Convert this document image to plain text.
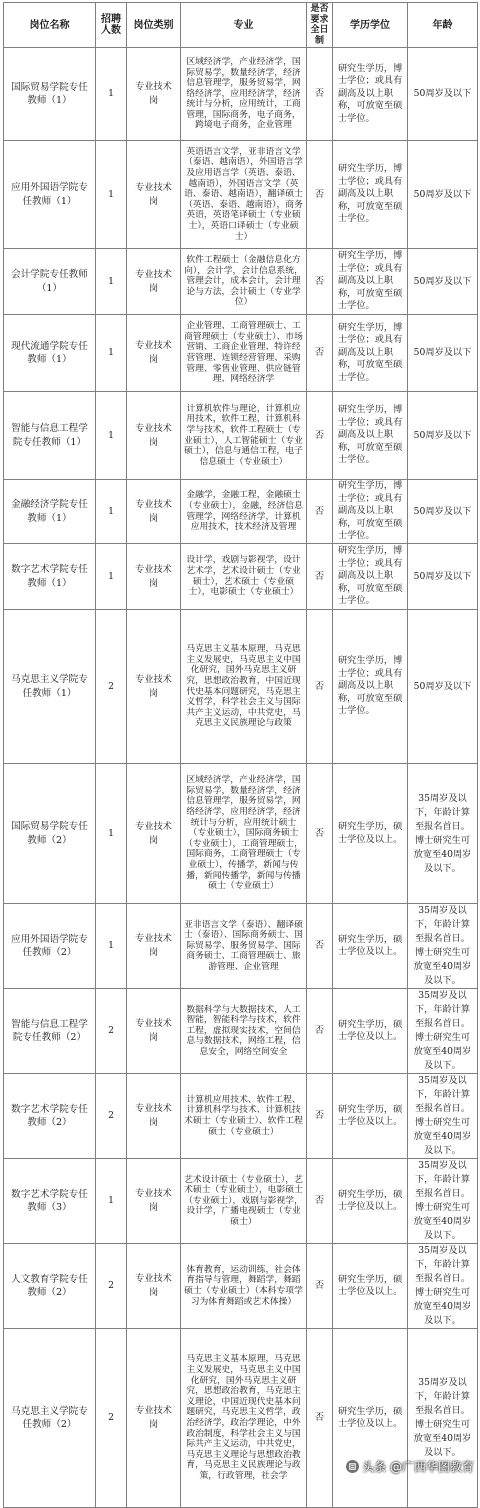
岗位名称	招聘人数	岗位类别	专业	是否要求全日制	学历学位	年龄
国际贸易学院专任教师（1）	1	专业技术岗	区域经济学，产业经济学，国际贸易学，数量经济学，经济信息管理学，服务贸易学，网络经济学，应用经济学，经济统计与分析，应用统计，工商管理，国际商务，电子商务，跨境电子商务，企业管理	否	研究生学历，博士学位；或具有副高及以上职称，可放宽至硕士学位。	50周岁及以下
应用外国语学院专任教师（1）	1	专业技术岗	英语语言文学，亚非语言文学（泰语、越南语），外国语言学及应用语言学（英语、泰语、越南语），外国语言文学（英语、泰语、越南语），翻译硕士（英语、泰语、越南语），商务英语，英语笔译硕士（专业硕士），英语口译硕士（专业硕士）	否	研究生学历，博士学位；或具有副高及以上职称，可放宽至硕士学位。	50周岁及以下
会计学院专任教师（1）	1	专业技术岗	软件工程硕士（金融信息化方向），会计学，会计信息系统，管理会计，成本会计，会计理论与方法，会计硕士（专业学位）	否	研究生学历，博士学位；或具有副高及以上职称，可放宽至硕士学位。	50周岁及以下
现代流通学院专任教师（1）	1	专业技术岗	企业管理、工商管理硕士、工商管理硕士（专业硕士）、市场营销、工商企业管理、特许经营管理、连锁经营管理、采购管理、零售业管理、供应链管理、网络经济学	否	研究生学历，博士学位；或具有副高及以上职称，可放宽至硕士学位。	50周岁及以下
智能与信息工程学院专任教师（1）	1	专业技术岗	计算机软件与理论，计算机应用技术，软件工程，计算机科学与技术，软件工程硕士（专业硕士），人工智能硕士（专业硕士），信息与通信工程，电子信息硕士（专业硕士）	否	研究生学历，博士学位；或具有副高及以上职称，可放宽至硕士学位。	50周岁及以下
金融经济学院专任教师（1）	1	专业技术岗	金融学，金融工程，金融硕士（专业硕士），金融，经济信息管理学，网络经济学，计算机应用技术，技术经济及管理	否	研究生学历，博士学位；或具有副高及以上职称，可放宽至硕士学位。	50周岁及以下
数字艺术学院专任教师（1）	1	专业技术岗	设计学，戏剧与影视学，设计艺术学，艺术设计硕士（专业硕士），艺术硕士（专业硕士），电影硕士（专业硕士）	否	研究生学历，博士学位；或具有副高及以上职称，可放宽至硕士学位。	50周岁及以下
马克思主义学院专任教师（1）	2	专业技术岗	马克思主义基本原理，马克思主义发展史，马克思主义中国化研究，国外马克思主义研究，思想政治教育，中国近现代史基本问题研究，马克思主义哲学，科学社会主义与国际共产主义运动，中共党史，马克思主义民族理论与政策	否	研究生学历，博士学位；或具有副高及以上职称，可放宽至硕士学位。	50周岁及以下
国际贸易学院专任教师（2）	1	专业技术岗	区域经济学，产业经济学，国际贸易学，数量经济学，经济信息管理学，服务贸易学，网络经济学，应用经济学，经济统计与分析，应用统计硕士（专业硕士），国际商务硕士（专业硕士），工商管理硕士，国际商务，工商管理硕士（专业硕士），传播学，新闻与传播，新闻传播学，新闻与传播硕士（专业硕士）	否	研究生学历，硕士学位及以上。	35周岁及以下，年龄计算至报名首日。博士研究生可放宽至40周岁及以下。
应用外国语学院专任教师（2）	1	专业技术岗	亚非语言文学（泰语）、翻译硕士（泰语）、国际商务硕士、国际贸易学、服务贸易学、国际商务硕士、工商管理硕士、旅游管理、企业管理	否	研究生学历，硕士学位及以上。	35周岁及以下，年龄计算至报名首日。博士研究生可放宽至40周岁及以下。
智能与信息工程学院专任教师（2）	2	专业技术岗	数据科学与大数据技术，人工智能，智能科学与技术，软件工程，虚拟现实技术，空间信息与数据技术，网络工程，信息安全，网络空间安全	否	研究生学历，硕士学位及以上。	35周岁及以下，年龄计算至报名首日。博士研究生可放宽至40周岁及以下。
数字艺术学院专任教师（2）	2	专业技术岗	计算机应用技术、软件工程、计算机科学与技术、计算机技术硕士（专业硕士）、软件工程硕士（专业硕士）	否	研究生学历，硕士学位及以上。	35周岁及以下，年龄计算至报名首日。博士研究生可放宽至40周岁及以下。
数字艺术学院专任教师（3）	1	专业技术岗	艺术设计硕士（专业硕士），艺术硕士（专业硕士），电影硕士（专业硕士），戏剧与影视学，设计学，广播电视硕士（专业硕士）	否	研究生学历，硕士学位及以上。	35周岁及以下，年龄计算至报名首日。博士研究生可放宽至40周岁及以下。
人文教育学院专任教师（2）	2	专业技术岗	体育教育，运动训练，社会体育指导与管理，舞蹈学，舞蹈硕士（专业硕士）（本科专项学习为体育舞蹈或艺术体操）	否	研究生学历，硕士学位及以上。	35周岁及以下，年龄计算至报名首日。博士研究生可放宽至40周岁及以下。
马克思主义学院专任教师（2）	2	专业技术岗	马克思主义基本原理，马克思主义发展史，马克思主义中国化研究，国外马克思主义研究，思想政治教育，马克思主义理论，中国近现代史基本问题研究，马克思主义哲学，政治经济学，政治学理论，中外政治制度，科学社会主义与国际共产主义运动，中共党史，马克思主义理论与思想政治教育，马克思主义民族理论与政策，行政管理，社会学	否	研究生学历，硕士学位及以上。	35周岁及以下，年龄计算至报名首日。博士研究生可放宽至40周岁及以下。
头条 @广西华图教育
